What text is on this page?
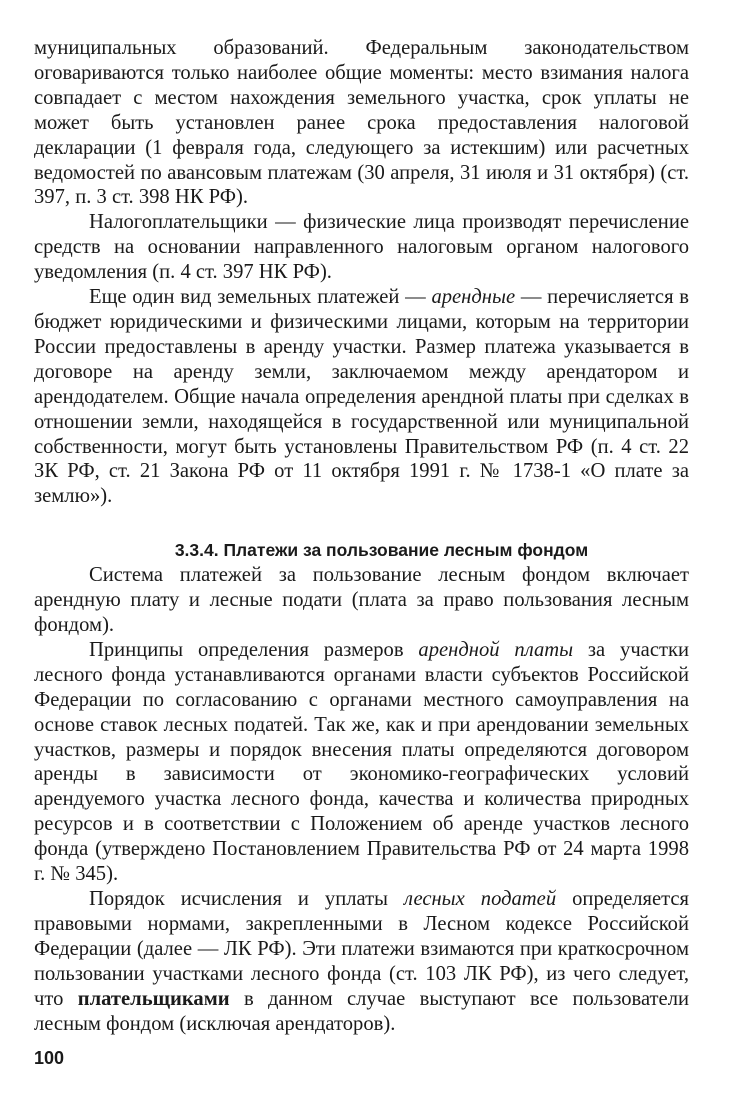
муниципальных образований. Федеральным законодательством оговариваются только наиболее общие моменты: место взимания налога совпадает с местом нахождения земельного участка, срок уплаты не может быть установлен ранее срока предоставления налоговой декларации (1 февраля года, следующего за истекшим) или расчетных ведомостей по авансовым платежам (30 апреля, 31 июля и 31 октября) (ст. 397, п. 3 ст. 398 НК РФ).

Налогоплательщики — физические лица производят перечисление средств на основании направленного налоговым органом налогового уведомления (п. 4 ст. 397 НК РФ).

Еще один вид земельных платежей — арендные — перечисляется в бюджет юридическими и физическими лицами, которым на территории России предоставлены в аренду участки. Размер платежа указывается в договоре на аренду земли, заключаемом между арендатором и арендодателем. Общие начала определения арендной платы при сделках в отношении земли, находящейся в государственной или муниципальной собственности, могут быть установлены Правительством РФ (п. 4 ст. 22 ЗК РФ, ст. 21 Закона РФ от 11 октября 1991 г. № 1738-1 «О плате за землю»).

3.3.4. Платежи за пользование лесным фондом

Система платежей за пользование лесным фондом включает арендную плату и лесные подати (плата за право пользования лесным фондом).

Принципы определения размеров арендной платы за участки лесного фонда устанавливаются органами власти субъектов Российской Федерации по согласованию с органами местного самоуправления на основе ставок лесных податей. Так же, как и при арендовании земельных участков, размеры и порядок внесения платы определяются договором аренды в зависимости от экономико-географических условий арендуемого участка лесного фонда, качества и количества природных ресурсов и в соответствии с Положением об аренде участков лесного фонда (утверждено Постановлением Правительства РФ от 24 марта 1998 г. № 345).

Порядок исчисления и уплаты лесных податей определяется правовыми нормами, закрепленными в Лесном кодексе Российской Федерации (далее — ЛК РФ). Эти платежи взимаются при краткосрочном пользовании участками лесного фонда (ст. 103 ЛК РФ), из чего следует, что плательщиками в данном случае выступают все пользователи лесным фондом (исключая арендаторов).

100
